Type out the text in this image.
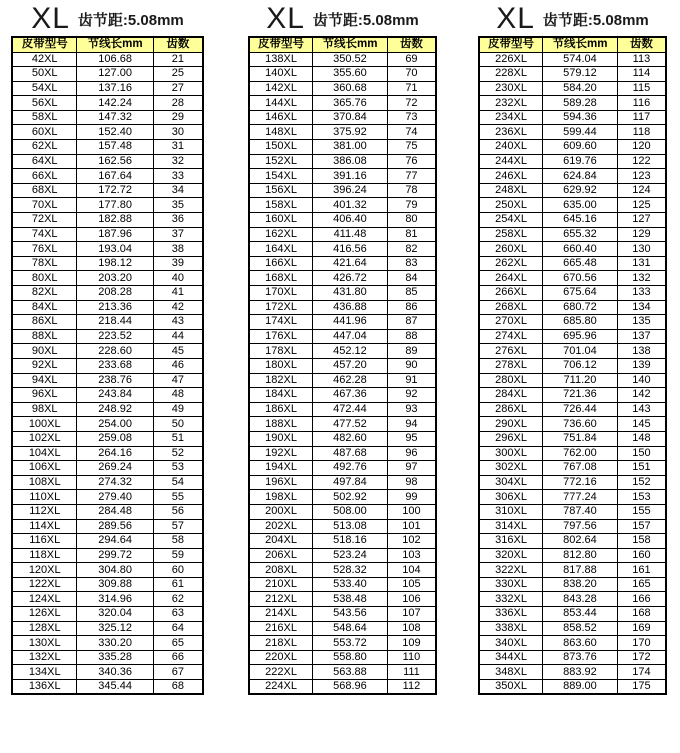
XL 齿节距:5.08mm
皮带型号	节线长mm	齿数
42XL	106.68	21
50XL	127.00	25
54XL	137.16	27
56XL	142.24	28
58XL	147.32	29
60XL	152.40	30
62XL	157.48	31
64XL	162.56	32
66XL	167.64	33
68XL	172.72	34
70XL	177.80	35
72XL	182.88	36
74XL	187.96	37
76XL	193.04	38
78XL	198.12	39
80XL	203.20	40
82XL	208.28	41
84XL	213.36	42
86XL	218.44	43
88XL	223.52	44
90XL	228.60	45
92XL	233.68	46
94XL	238.76	47
96XL	243.84	48
98XL	248.92	49
100XL	254.00	50
102XL	259.08	51
104XL	264.16	52
106XL	269.24	53
108XL	274.32	54
110XL	279.40	55
112XL	284.48	56
114XL	289.56	57
116XL	294.64	58
118XL	299.72	59
120XL	304.80	60
122XL	309.88	61
124XL	314.96	62
126XL	320.04	63
128XL	325.12	64
130XL	330.20	65
132XL	335.28	66
134XL	340.36	67
136XL	345.44	68
XL 齿节距:5.08mm
皮带型号	节线长mm	齿数
138XL	350.52	69
140XL	355.60	70
142XL	360.68	71
144XL	365.76	72
146XL	370.84	73
148XL	375.92	74
150XL	381.00	75
152XL	386.08	76
154XL	391.16	77
156XL	396.24	78
158XL	401.32	79
160XL	406.40	80
162XL	411.48	81
164XL	416.56	82
166XL	421.64	83
168XL	426.72	84
170XL	431.80	85
172XL	436.88	86
174XL	441.96	87
176XL	447.04	88
178XL	452.12	89
180XL	457.20	90
182XL	462.28	91
184XL	467.36	92
186XL	472.44	93
188XL	477.52	94
190XL	482.60	95
192XL	487.68	96
194XL	492.76	97
196XL	497.84	98
198XL	502.92	99
200XL	508.00	100
202XL	513.08	101
204XL	518.16	102
206XL	523.24	103
208XL	528.32	104
210XL	533.40	105
212XL	538.48	106
214XL	543.56	107
216XL	548.64	108
218XL	553.72	109
220XL	558.80	110
222XL	563.88	111
224XL	568.96	112
XL 齿节距:5.08mm
皮带型号	节线长mm	齿数
226XL	574.04	113
228XL	579.12	114
230XL	584.20	115
232XL	589.28	116
234XL	594.36	117
236XL	599.44	118
240XL	609.60	120
244XL	619.76	122
246XL	624.84	123
248XL	629.92	124
250XL	635.00	125
254XL	645.16	127
258XL	655.32	129
260XL	660.40	130
262XL	665.48	131
264XL	670.56	132
266XL	675.64	133
268XL	680.72	134
270XL	685.80	135
274XL	695.96	137
276XL	701.04	138
278XL	706.12	139
280XL	711.20	140
284XL	721.36	142
286XL	726.44	143
290XL	736.60	145
296XL	751.84	148
300XL	762.00	150
302XL	767.08	151
304XL	772.16	152
306XL	777.24	153
310XL	787.40	155
314XL	797.56	157
316XL	802.64	158
320XL	812.80	160
322XL	817.88	161
330XL	838.20	165
332XL	843.28	166
336XL	853.44	168
338XL	858.52	169
340XL	863.60	170
344XL	873.76	172
348XL	883.92	174
350XL	889.00	175
